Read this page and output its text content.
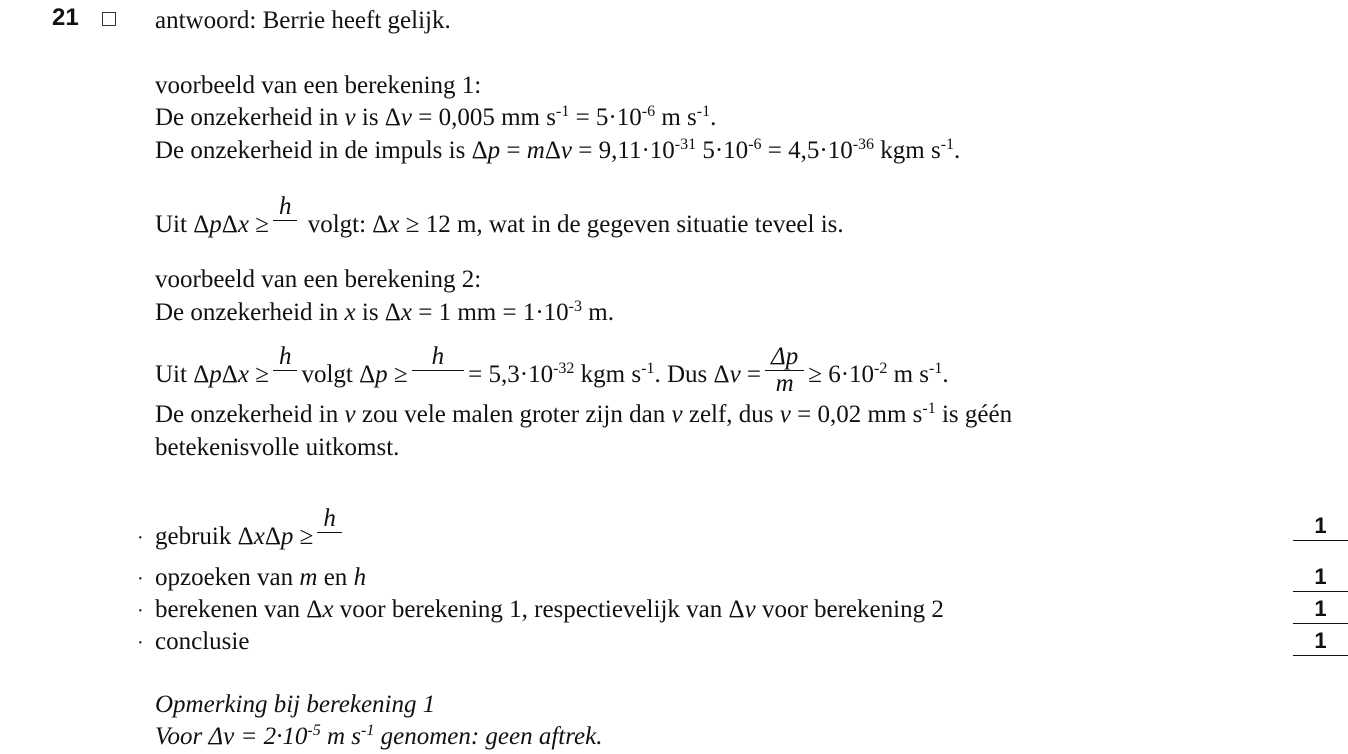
21	antwoord: Berrie heeft gelijk.
voorbeeld van een berekening 1:
De onzekerheid in v is Δv = 0,005 mm $s^{-1} = 5\cdot 10^{-6}$ m $s^{-1}$.
De onzekerheid in de impuls is $\Delta p = m\Delta v = 9,11\cdot 10^{-31}$ $5\cdot 10^{-6} = 4,5\cdot 10^{-36}$ kgm $s^{-1}$.
Uit ΔpΔx ≥
h
volgt: Δx ≥ 12 m, wat in de gegeven situatie teveel is.
voorbeeld van een berekening 2:
De onzekerheid in x is Δx = 1 mm = $1\cdot 10^{-3}$ m.
Uit ΔpΔx ≥
h
volgt Δp ≥
h
= $5,3\cdot 10^{-32}$ kgm $s^{-1}$. Dus $\Delta v = \frac{\Delta p}{m} \ge 6\cdot 10^{-2}$ m $s^{-1}$.
De onzekerheid in v zou vele malen groter zijn dan v zelf, dus v = 0,02 mm $s^{-1}$ is géén
betekenisvolle uitkomst.
· gebruik ΔxΔp ≥
h	1
· opzoeken van m en h	1
· berekenen van Δx voor berekening 1, respectievelijk van Δv voor berekening 2	1
· conclusie	1
Opmerking bij berekening 1
Voor $\Delta v = 2\cdot 10^{-5}$ m $s^{-1}$ genomen: geen aftrek.
